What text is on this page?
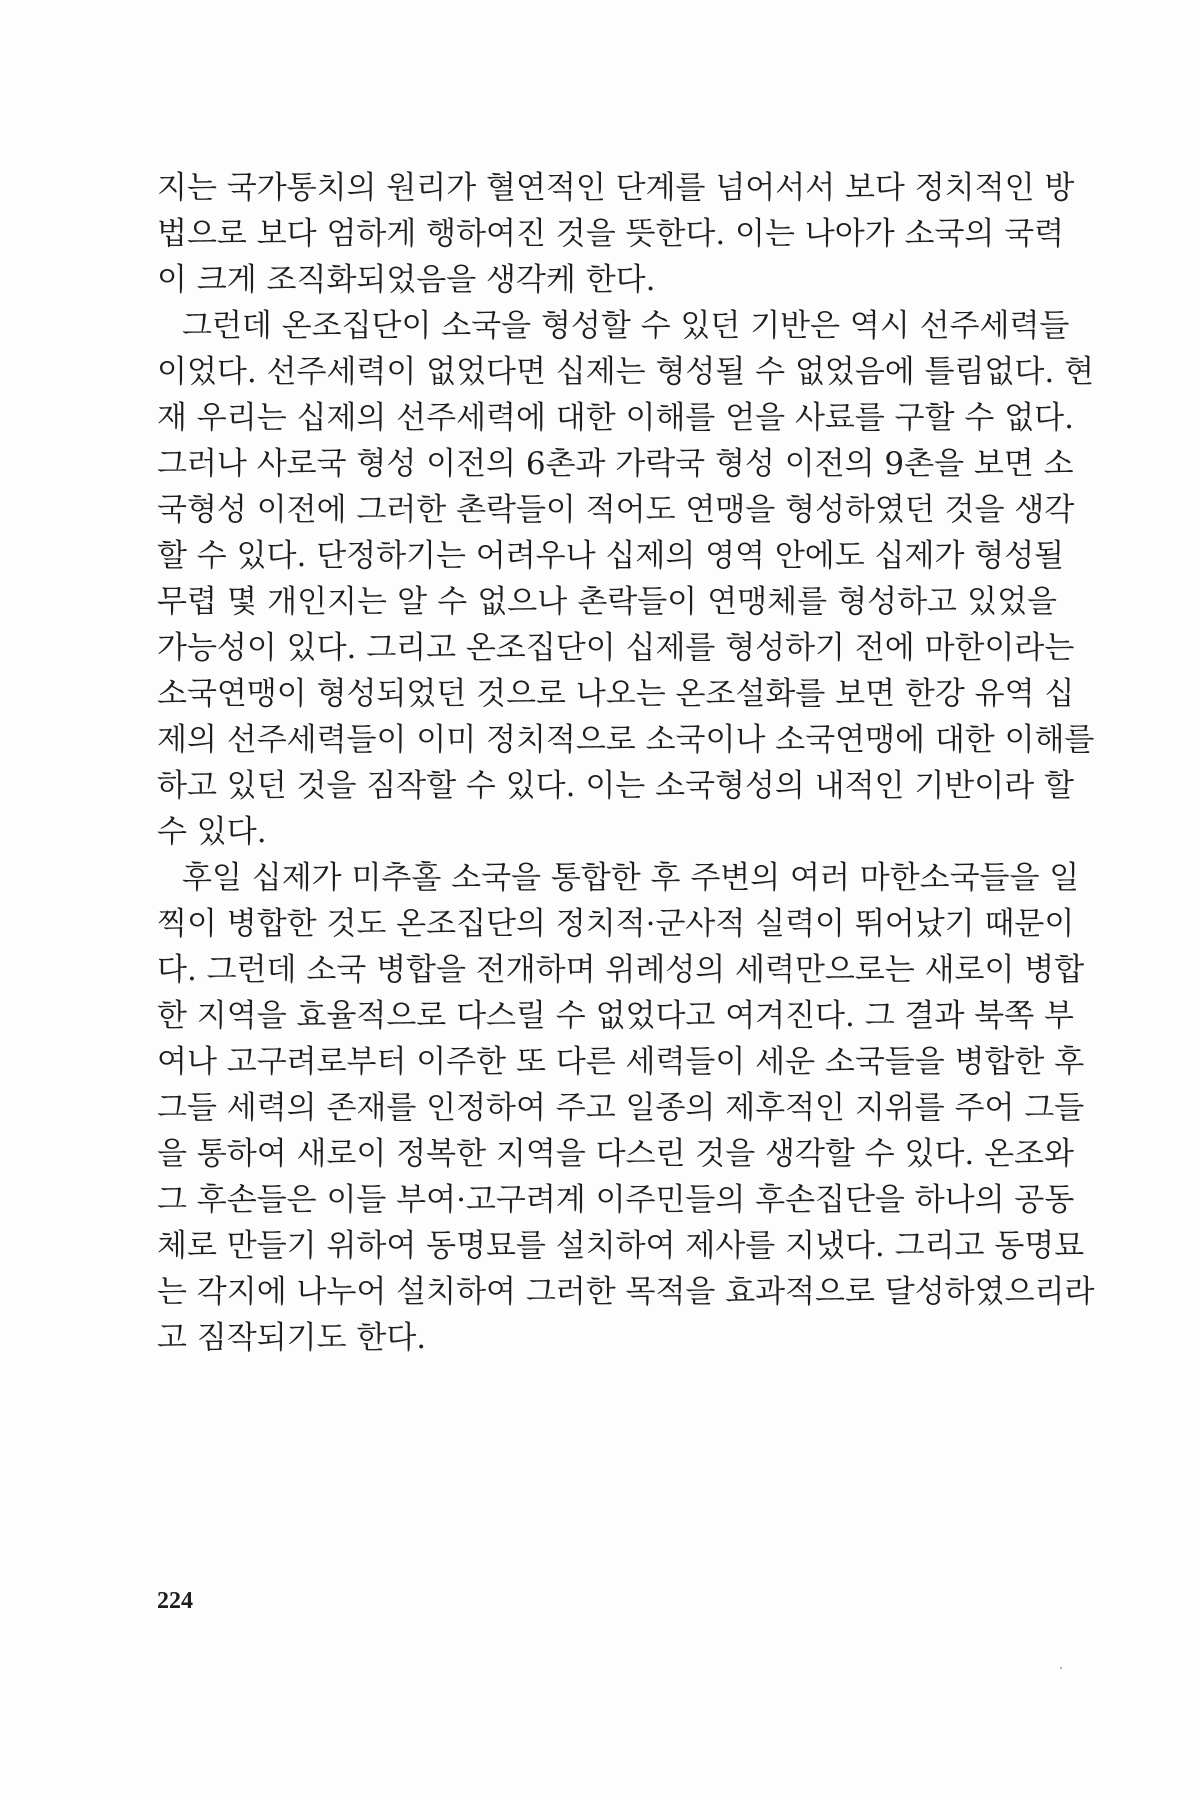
지는 국가통치의 원리가 혈연적인 단계를 넘어서서 보다 정치적인 방
법으로 보다 엄하게 행하여진 것을 뜻한다. 이는 나아가 소국의 국력
이 크게 조직화되었음을 생각케 한다.
그런데 온조집단이 소국을 형성할 수 있던 기반은 역시 선주세력들
이었다. 선주세력이 없었다면 십제는 형성될 수 없었음에 틀림없다. 현
재 우리는 십제의 선주세력에 대한 이해를 얻을 사료를 구할 수 없다.
그러나 사로국 형성 이전의 6촌과 가락국 형성 이전의 9촌을 보면 소
국형성 이전에 그러한 촌락들이 적어도 연맹을 형성하였던 것을 생각
할 수 있다. 단정하기는 어려우나 십제의 영역 안에도 십제가 형성될
무렵 몇 개인지는 알 수 없으나 촌락들이 연맹체를 형성하고 있었을
가능성이 있다. 그리고 온조집단이 십제를 형성하기 전에 마한이라는
소국연맹이 형성되었던 것으로 나오는 온조설화를 보면 한강 유역 십
제의 선주세력들이 이미 정치적으로 소국이나 소국연맹에 대한 이해를
하고 있던 것을 짐작할 수 있다. 이는 소국형성의 내적인 기반이라 할
수 있다.
후일 십제가 미추홀 소국을 통합한 후 주변의 여러 마한소국들을 일
찍이 병합한 것도 온조집단의 정치적·군사적 실력이 뛰어났기 때문이
다. 그런데 소국 병합을 전개하며 위례성의 세력만으로는 새로이 병합
한 지역을 효율적으로 다스릴 수 없었다고 여겨진다. 그 결과 북쪽 부
여나 고구려로부터 이주한 또 다른 세력들이 세운 소국들을 병합한 후
그들 세력의 존재를 인정하여 주고 일종의 제후적인 지위를 주어 그들
을 통하여 새로이 정복한 지역을 다스린 것을 생각할 수 있다. 온조와
그 후손들은 이들 부여·고구려계 이주민들의 후손집단을 하나의 공동
체로 만들기 위하여 동명묘를 설치하여 제사를 지냈다. 그리고 동명묘
는 각지에 나누어 설치하여 그러한 목적을 효과적으로 달성하였으리라
고 짐작되기도 한다.
224
